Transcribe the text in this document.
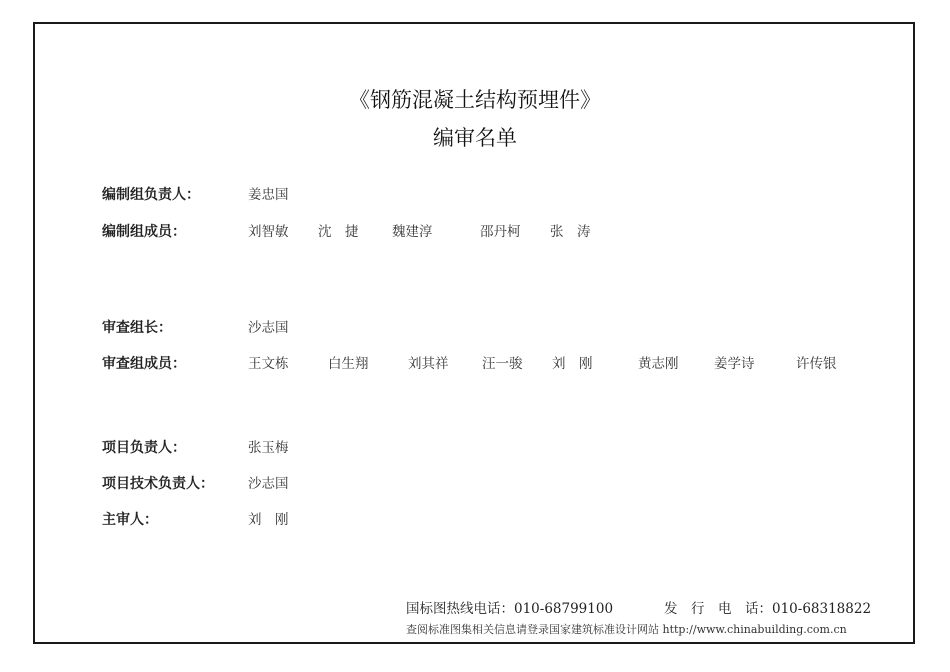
《钢筋混凝土结构预埋件》
编审名单
编制组负责人：	姜忠国
编制组成员：	刘智敏 沈　捷 魏建淳	邵丹柯 张　涛
审查组长：	沙志国
审查组成员：	王文栋	白生翔	刘其祥 汪一骏 刘　刚	黄志刚	姜学诗	许传银
项目负责人：	张玉梅
项目技术负责人：	沙志国
主审人：	刘　刚
国标图热线电话：010-68799100	发　行　电　话：010-68318822
查阅标准图集相关信息请登录国家建筑标准设计网站 http://www.chinabuilding.com.cn
